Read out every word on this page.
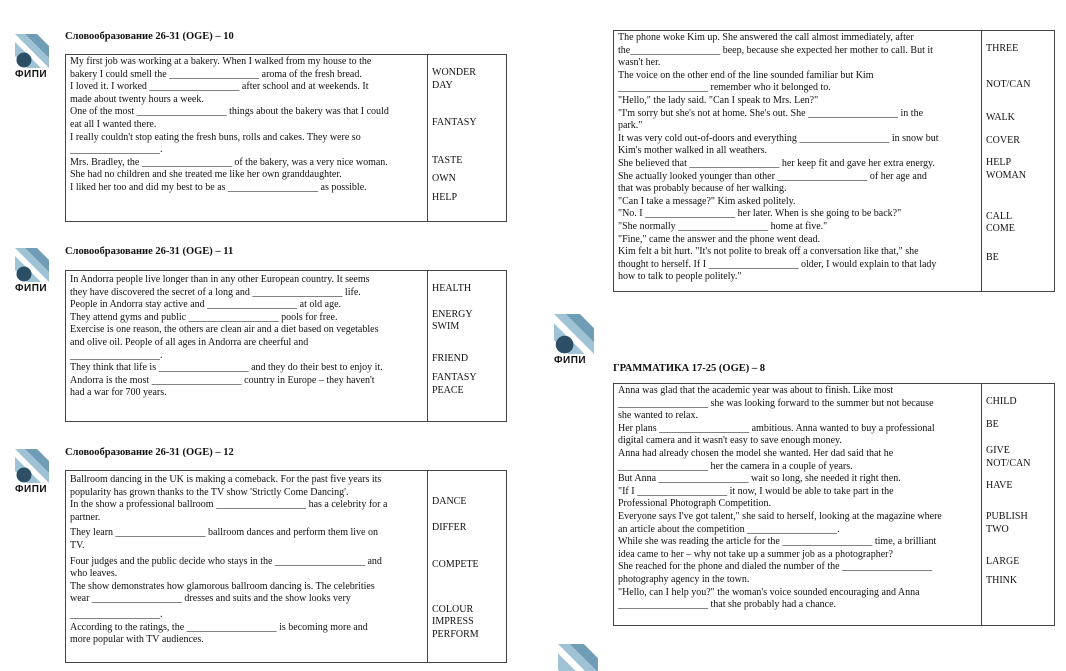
ФИПИ
ФИПИ
ФИПИ
ФИПИ
Словообразование 26-31 (OGE) – 10
Словообразование 26-31 (OGE) – 11
Словообразование 26-31 (OGE) – 12
ГРАММАТИКА 17-25 (OGE) – 8
My first job was working at a bakery. When I walked from my house to the
bakery I could smell the __________________ aroma of the fresh bread.
I loved it. I worked __________________ after school and at weekends. It
made about twenty hours a week.
One of the most __________________ things about the bakery was that I could
eat all I wanted there.
I really couldn't stop eating the fresh buns, rolls and cakes. They were so
__________________.
Mrs. Bradley, the __________________ of the bakery, was a very nice woman.
She had no children and she treated me like her own granddaughter.
I liked her too and did my best to be as __________________ as possible.

WONDER
DAY
FANTASY
TASTE
OWN
HELP
In Andorra people live longer than in any other European country. It seems
they have discovered the secret of a long and __________________ life.
People in Andorra stay active and __________________ at old age.
They attend gyms and public __________________ pools for free.
Exercise is one reason, the others are clean air and a diet based on vegetables
and olive oil. People of all ages in Andorra are cheerful and
__________________.
They think that life is __________________ and they do their best to enjoy it.
Andorra is the most __________________ country in Europe – they haven't
had a war for 700 years.

HEALTH
ENERGY
SWIM
FRIEND
FANTASY
PEACE
Ballroom dancing in the UK is making a comeback. For the past five years its
popularity has grown thanks to the TV show 'Strictly Come Dancing'.
In the show a professional ballroom __________________ has a celebrity for a
partner.
They learn __________________ ballroom dances and perform them live on
TV.
Four judges and the public decide who stays in the __________________ and
who leaves.
The show demonstrates how glamorous ballroom dancing is. The celebrities
wear __________________ dresses and suits and the show looks very
__________________.
According to the ratings, the __________________ is becoming more and
more popular with TV audiences.

DANCE
DIFFER
COMPETE
COLOUR
IMPRESS
PERFORM
The phone woke Kim up. She answered the call almost immediately, after
the__________________ beep, because she expected her mother to call. But it
wasn't her.
The voice on the other end of the line sounded familiar but Kim
__________________ remember who it belonged to.
"Hello," the lady said. "Can I speak to Mrs. Len?"
"I'm sorry but she's not at home. She's out. She __________________ in the
park."
It was very cold out-of-doors and everything __________________ in snow but
Kim's mother walked in all weathers.
She believed that __________________ her keep fit and gave her extra energy.
She actually looked younger than other __________________ of her age and
that was probably because of her walking.
"Can I take a message?" Kim asked politely.
"No. I __________________ her later. When is she going to be back?"
"She normally __________________ home at five."
"Fine," came the answer and the phone went dead.
Kim felt a bit hurt. "It's not polite to break off a conversation like that," she
thought to herself. If I __________________ older, I would explain to that lady
how to talk to people politely."

THREE
NOT/CAN
WALK
COVER
HELP
WOMAN
CALL
COME
BE
Anna was glad that the academic year was about to finish. Like most
__________________ she was looking forward to the summer but not because
she wanted to relax.
Her plans __________________ ambitious. Anna wanted to buy a professional
digital camera and it wasn't easy to save enough money.
Anna had already chosen the model she wanted. Her dad said that he
__________________ her the camera in a couple of years.
But Anna __________________ wait so long, she needed it right then.
"If I __________________ it now, I would be able to take part in the
Professional Photograph Competition.
Everyone says I've got talent," she said to herself, looking at the magazine where
an article about the competition __________________.
While she was reading the article for the __________________ time, a brilliant
idea came to her – why not take up a summer job as a photographer?
She reached for the phone and dialed the number of the __________________
photography agency in the town.
"Hello, can I help you?" the woman's voice sounded encouraging and Anna
__________________ that she probably had a chance.

CHILD
BE
GIVE
NOT/CAN
HAVE
PUBLISH
TWO
LARGE
THINK
